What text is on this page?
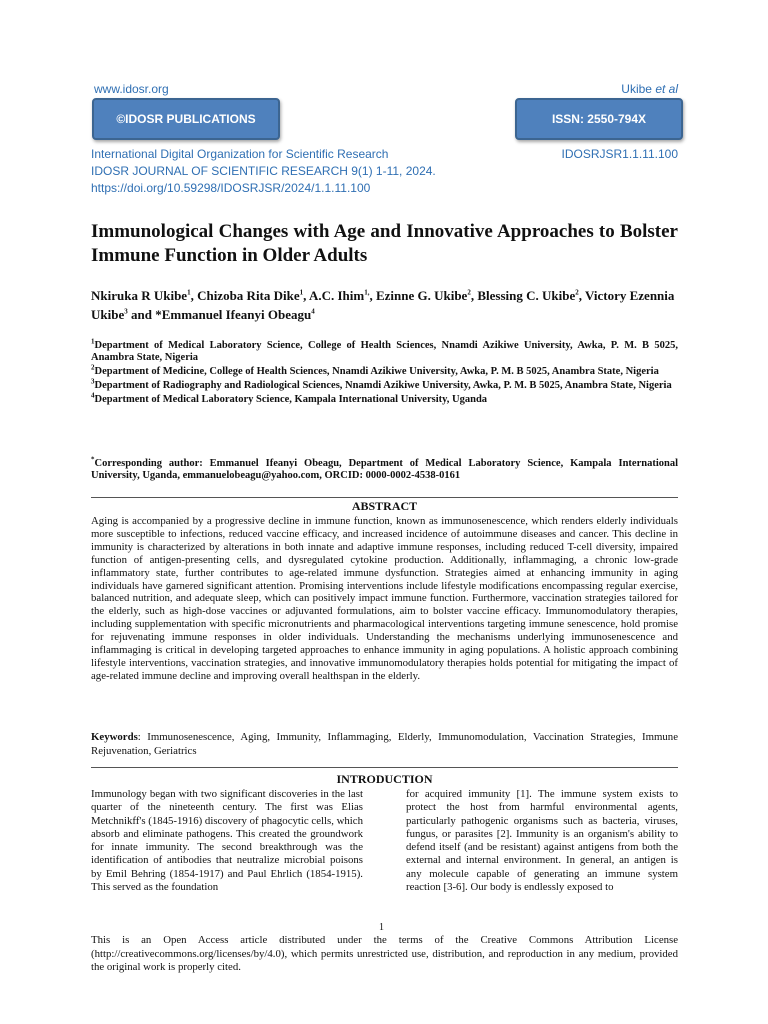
www.idosr.org	Ukibe et al
©IDOSR PUBLICATIONS	ISSN: 2550-794X
International Digital Organization for Scientific Research
IDOSR JOURNAL OF SCIENTIFIC RESEARCH 9(1) 1-11, 2024.
https://doi.org/10.59298/IDOSRJSR/2024/1.1.11.100
IDOSRJSR1.1.11.100
Immunological Changes with Age and Innovative Approaches to Bolster Immune Function in Older Adults
Nkiruka R Ukibe$^1$, Chizoba Rita Dike$^1$, A.C. Ihim$^{1,}$, Ezinne G. Ukibe$^2$, Blessing C. Ukibe$^2$, Victory Ezennia Ukibe$^3$ and *Emmanuel Ifeanyi Obeagu$^4$

$^1$Department of Medical Laboratory Science, College of Health Sciences, Nnamdi Azikiwe University, Awka, P. M. B 5025, Anambra State, Nigeria

$^2$Department of Medicine, College of Health Sciences, Nnamdi Azikiwe University, Awka, P. M. B 5025, Anambra State, Nigeria

$^3$Department of Radiography and Radiological Sciences, Nnamdi Azikiwe University, Awka, P. M. B 5025, Anambra State, Nigeria

$^4$Department of Medical Laboratory Science, Kampala International University, Uganda

*Corresponding author: Emmanuel Ifeanyi Obeagu, Department of Medical Laboratory Science, Kampala International University, Uganda, emmanuelobeagu@yahoo.com, ORCID: 0000-0002-4538-0161
ABSTRACT

Aging is accompanied by a progressive decline in immune function, known as immunosenescence, which renders elderly individuals more susceptible to infections, reduced vaccine efficacy, and increased incidence of autoimmune diseases and cancer. This decline in immunity is characterized by alterations in both innate and adaptive immune responses, including reduced T-cell diversity, impaired function of antigen-presenting cells, and dysregulated cytokine production. Additionally, inflammaging, a chronic low-grade inflammatory state, further contributes to age-related immune dysfunction. Strategies aimed at enhancing immunity in aging individuals have garnered significant attention. Promising interventions include lifestyle modifications encompassing regular exercise, balanced nutrition, and adequate sleep, which can positively impact immune function. Furthermore, vaccination strategies tailored for the elderly, such as high-dose vaccines or adjuvanted formulations, aim to bolster vaccine efficacy. Immunomodulatory therapies, including supplementation with specific micronutrients and pharmacological interventions targeting immune senescence, hold promise for rejuvenating immune responses in older individuals. Understanding the mechanisms underlying immunosenescence and inflammaging is critical in developing targeted approaches to enhance immunity in aging populations. A holistic approach combining lifestyle interventions, vaccination strategies, and innovative immunomodulatory therapies holds potential for mitigating the impact of age-related immune decline and improving overall healthspan in the elderly.

Keywords: Immunosenescence, Aging, Immunity, Inflammaging, Elderly, Immunomodulation, Vaccination Strategies, Immune Rejuvenation, Geriatrics

INTRODUCTION

Immunology began with two significant discoveries in the last quarter of the nineteenth century. The first was Elias Metchnikff's (1845-1916) discovery of phagocytic cells, which absorb and eliminate pathogens. This created the groundwork for innate immunity. The second breakthrough was the identification of antibodies that neutralize microbial poisons by Emil Behring (1854-1917) and Paul Ehrlich (1854-1915). This served as the foundation

for acquired immunity [1]. The immune system exists to protect the host from harmful environmental agents, particularly pathogenic organisms such as bacteria, viruses, fungus, or parasites [2]. Immunity is an organism's ability to defend itself (and be resistant) against antigens from both the external and internal environment. In general, an antigen is any molecule capable of generating an immune system reaction [3-6]. Our body is endlessly exposed to

1

This is an Open Access article distributed under the terms of the Creative Commons Attribution License (http://creativecommons.org/licenses/by/4.0), which permits unrestricted use, distribution, and reproduction in any medium, provided the original work is properly cited.
